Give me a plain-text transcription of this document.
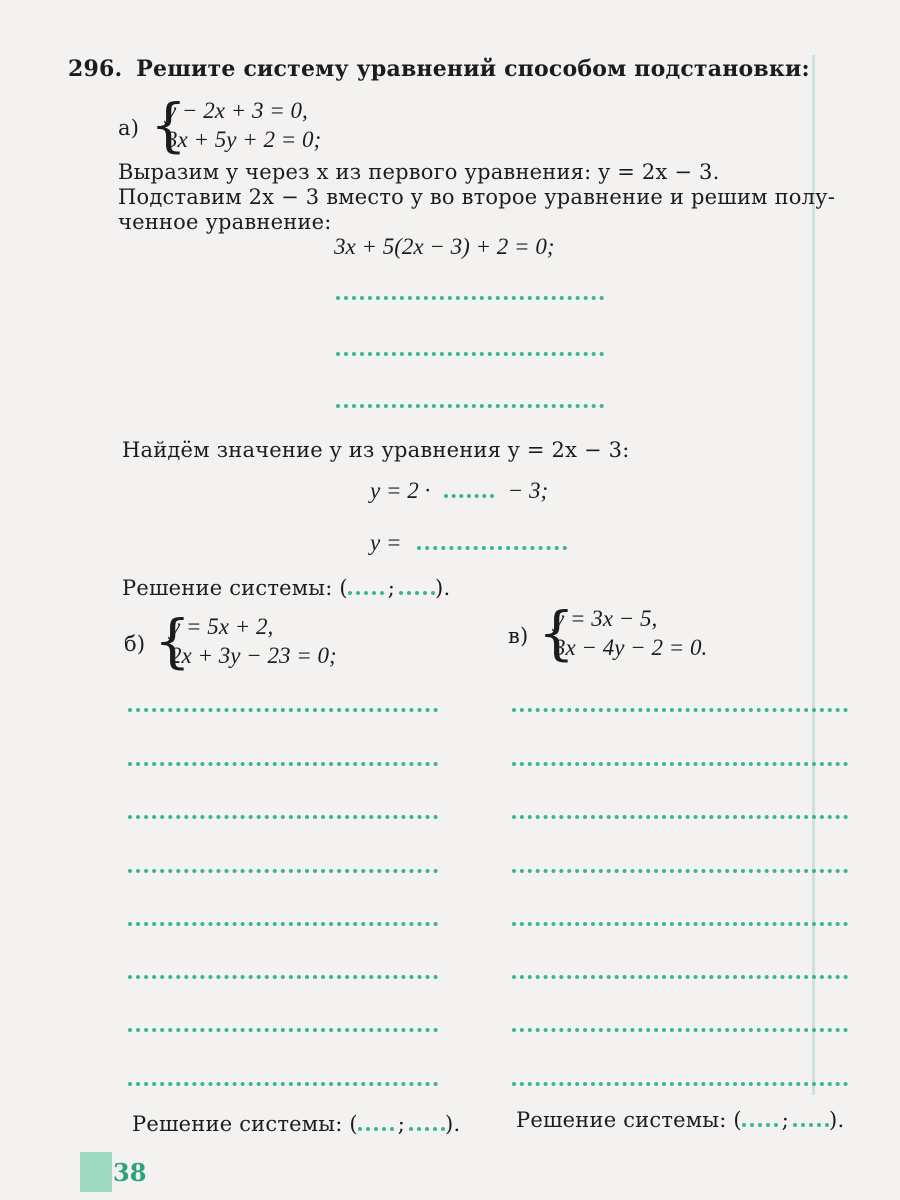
296. Решите систему уравнений способом подстановки:
а) {
y − 2x + 3 = 0,
3x + 5y + 2 = 0;
Выразим y через x из первого уравнения: y = 2x − 3.
Подставим 2x − 3 вместо y во второе уравнение и решим полу-
ченное уравнение:
3x + 5(2x − 3) + 2 = 0;
Найдём значение y из уравнения y = 2x − 3:
y = 2 ·	− 3;
y =
Решение системы: ( ; ).
б) {
y = 5x + 2,
2x + 3y − 23 = 0;
в) {
y = 3x − 5,
3x − 4y − 2 = 0.
Решение системы: ( ; ).	Решение системы: ( ; ).
38
